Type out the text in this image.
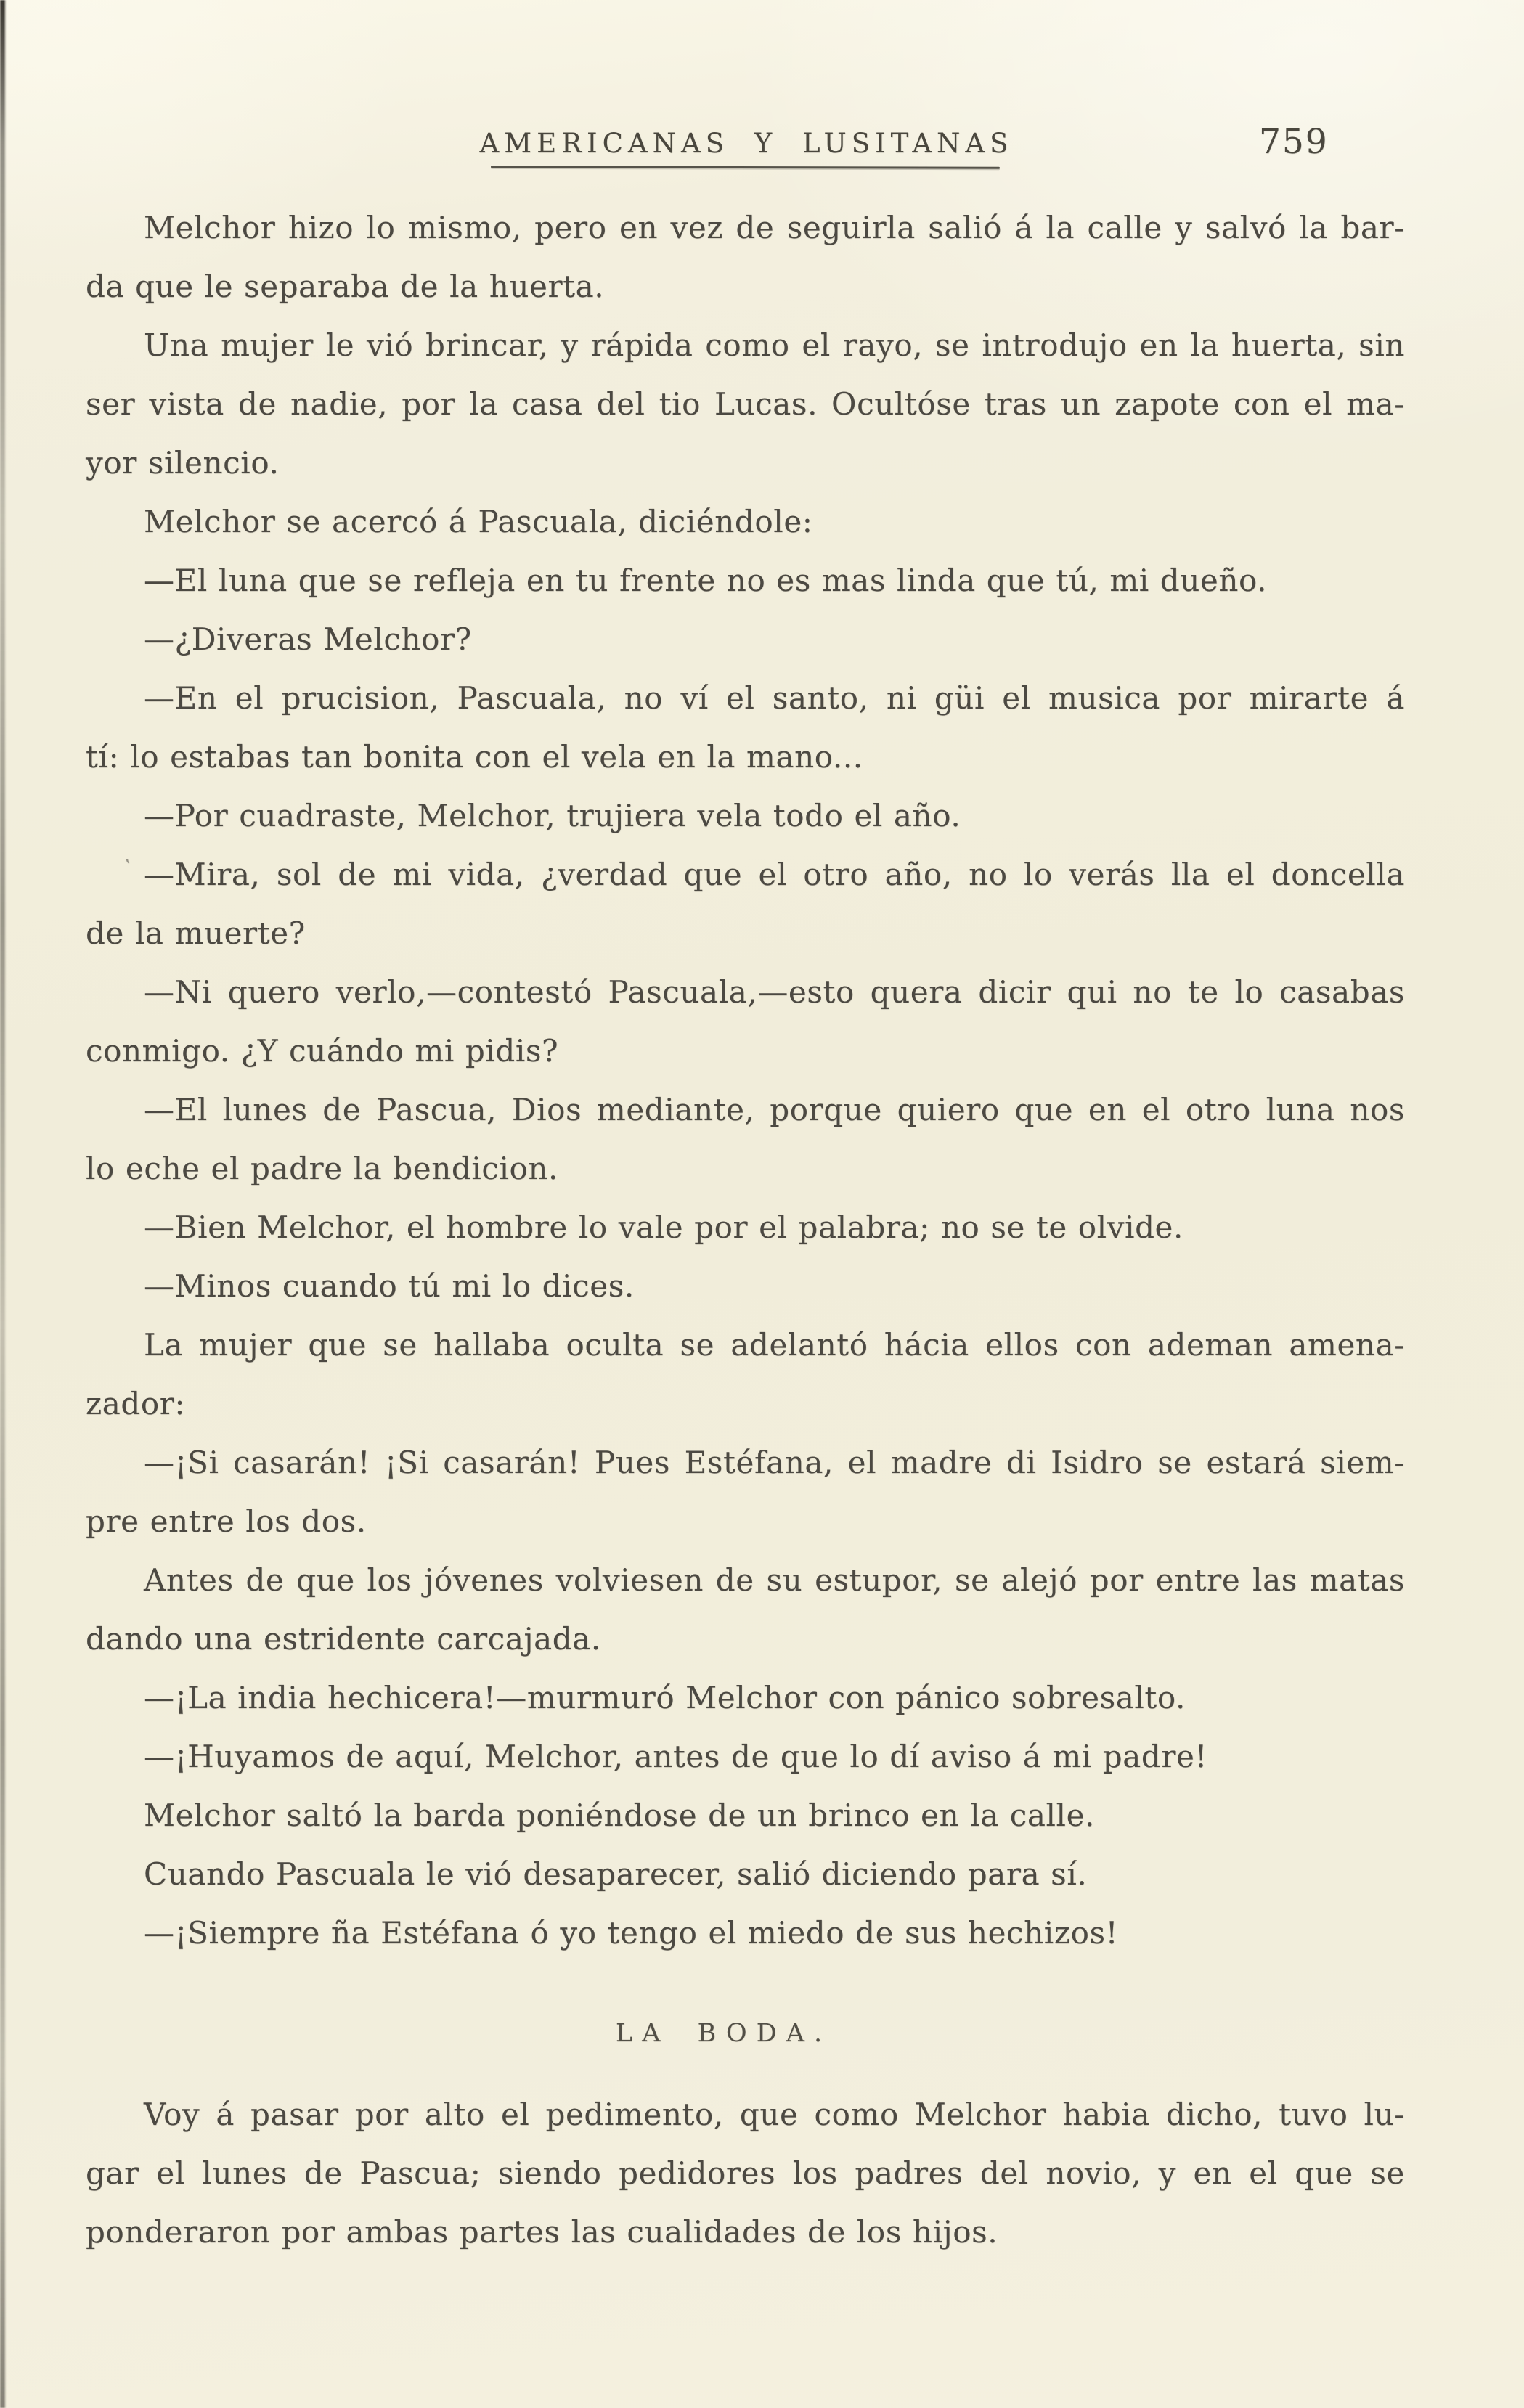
AMERICANAS Y LUSITANAS	759
Melchor hizo lo mismo, pero en vez de seguirla salió á la calle y salvó la bar-
da que le separaba de la huerta.
Una mujer le vió brincar, y rápida como el rayo, se introdujo en la huerta, sin
ser vista de nadie, por la casa del tio Lucas. Ocultóse tras un zapote con el ma-
yor silencio.
Melchor se acercó á Pascuala, diciéndole:
—El luna que se refleja en tu frente no es mas linda que tú, mi dueño.
—¿Diveras Melchor?
—En el prucision, Pascuala, no ví el santo, ni güi el musica por mirarte á
tí: lo estabas tan bonita con el vela en la mano...
—Por cuadraste, Melchor, trujiera vela todo el año.
‛ —Mira, sol de mi vida, ¿verdad que el otro año, no lo verás lla el doncella
de la muerte?
—Ni quero verlo,—contestó Pascuala,—esto quera dicir qui no te lo casabas
conmigo. ¿Y cuándo mi pidis?
—El lunes de Pascua, Dios mediante, porque quiero que en el otro luna nos
lo eche el padre la bendicion.
—Bien Melchor, el hombre lo vale por el palabra; no se te olvide.
—Minos cuando tú mi lo dices.
La mujer que se hallaba oculta se adelantó hácia ellos con ademan amena-
zador:
—¡Si casarán! ¡Si casarán! Pues Estéfana, el madre di Isidro se estará siem-
pre entre los dos.
Antes de que los jóvenes volviesen de su estupor, se alejó por entre las matas
dando una estridente carcajada.
—¡La india hechicera!—murmuró Melchor con pánico sobresalto.
—¡Huyamos de aquí, Melchor, antes de que lo dí aviso á mi padre!
Melchor saltó la barda poniéndose de un brinco en la calle.
Cuando Pascuala le vió desaparecer, salió diciendo para sí.
—¡Siempre ña Estéfana ó yo tengo el miedo de sus hechizos!
LA BODA.
Voy á pasar por alto el pedimento, que como Melchor habia dicho, tuvo lu-
gar el lunes de Pascua; siendo pedidores los padres del novio, y en el que se
ponderaron por ambas partes las cualidades de los hijos.
